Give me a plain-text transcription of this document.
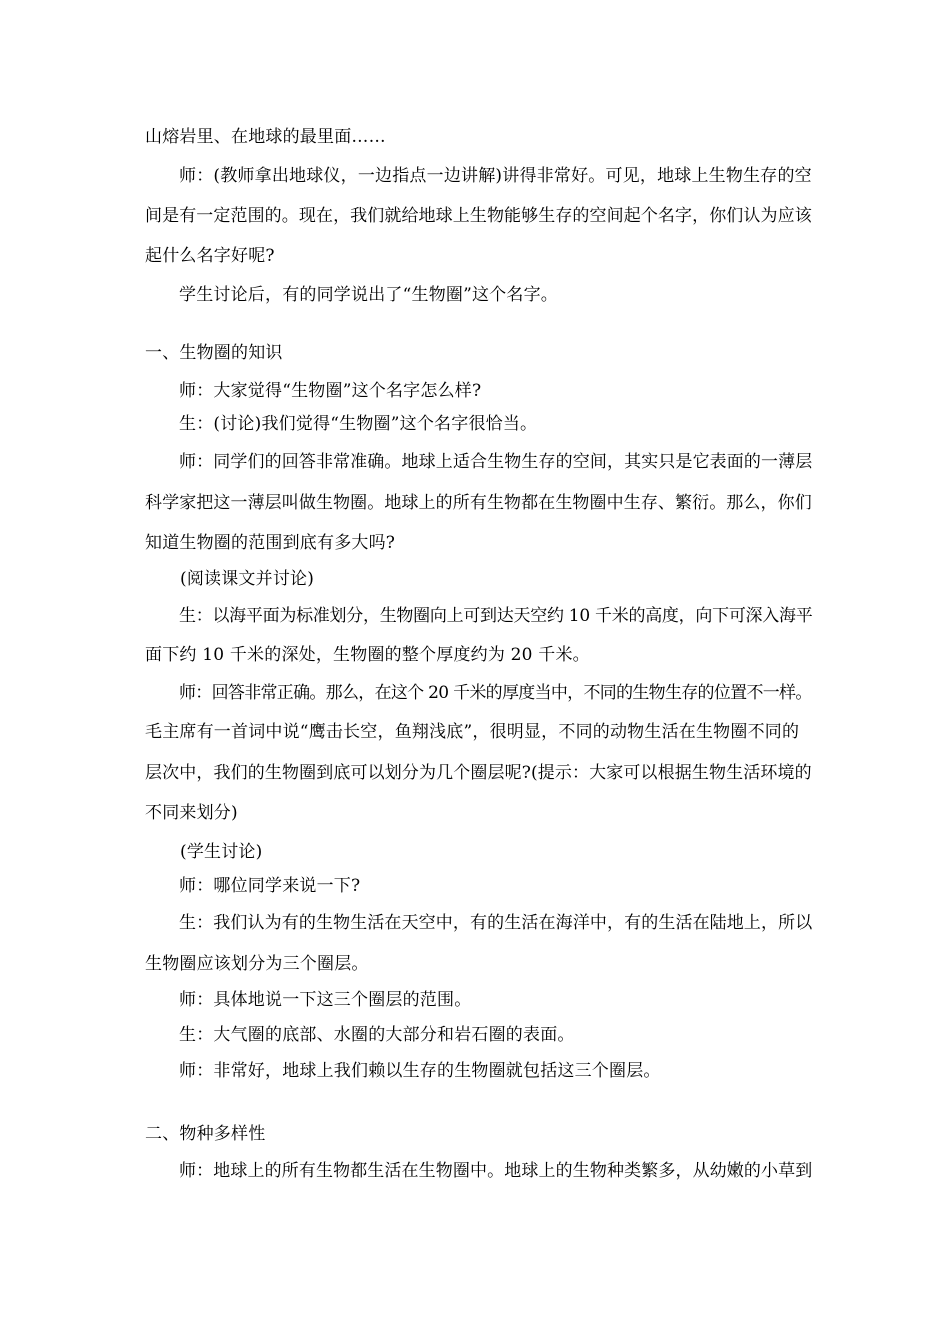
山熔岩里、在地球的最里面……
师：(教师拿出地球仪，一边指点一边讲解)讲得非常好。可见，地球上生物生存的空
间是有一定范围的。现在，我们就给地球上生物能够生存的空间起个名字，你们认为应该
起什么名字好呢?
学生讨论后，有的同学说出了“生物圈”这个名字。
一、生物圈的知识
师：大家觉得“生物圈”这个名字怎么样?
生：(讨论)我们觉得“生物圈”这个名字很恰当。
师：同学们的回答非常准确。地球上适合生物生存的空间，其实只是它表面的一薄层
科学家把这一薄层叫做生物圈。地球上的所有生物都在生物圈中生存、繁衍。那么，你们
知道生物圈的范围到底有多大吗?
(阅读课文并讨论)
生：以海平面为标准划分，生物圈向上可到达天空约 10 千米的高度，向下可深入海平
面下约 10 千米的深处，生物圈的整个厚度约为 20 千米。
师：回答非常正确。那么，在这个 20 千米的厚度当中，不同的生物生存的位置不一样。
毛主席有一首词中说“鹰击长空，鱼翔浅底”，很明显，不同的动物生活在生物圈不同的
层次中，我们的生物圈到底可以划分为几个圈层呢?(提示：大家可以根据生物生活环境的
不同来划分)
(学生讨论)
师：哪位同学来说一下?
生：我们认为有的生物生活在天空中，有的生活在海洋中，有的生活在陆地上，所以
生物圈应该划分为三个圈层。
师：具体地说一下这三个圈层的范围。
生：大气圈的底部、水圈的大部分和岩石圈的表面。
师：非常好，地球上我们赖以生存的生物圈就包括这三个圈层。
二、物种多样性
师：地球上的所有生物都生活在生物圈中。地球上的生物种类繁多，从幼嫩的小草到
